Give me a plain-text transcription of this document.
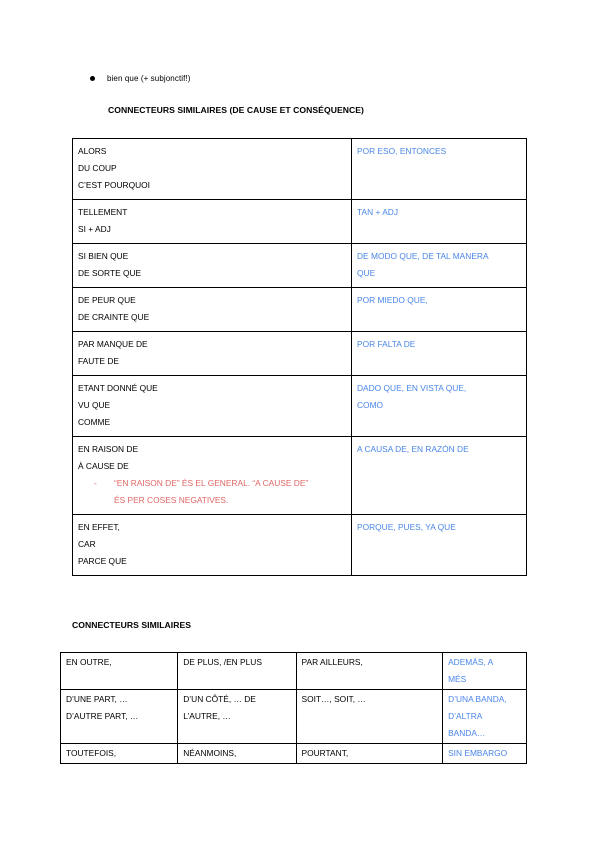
bien que (+ subjonctif!)
CONNECTEURS SIMILAIRES (DE CAUSE ET CONSÉQUENCE)
ALORS
DU COUP
C’EST POURQUOI	POR ESO, ENTONCES

TELLEMENT
SI + ADJ	TAN + ADJ

SI BIEN QUE
DE SORTE QUE	DE MODO QUE, DE TAL MANERA
QUE

DE PEUR QUE
DE CRAINTE QUE	POR MIEDO QUE,

PAR MANQUE DE
FAUTE DE	POR FALTA DE

ETANT DONNÉ QUE
VU QUE
COMME	DADO QUE, EN VISTA QUE,
COMO

EN RAISON DE
À CAUSE DE
- “EN RAISON DE” ÉS EL GENERAL. “A CAUSE DE”
ÉS PER COSES NEGATIVES.	A CAUSA DE, EN RAZÓN DE

EN EFFET,
CAR
PARCE QUE	PORQUE, PUES, YA QUE
CONNECTEURS SIMILAIRES
EN OUTRE,	DE PLUS, /EN PLUS	PAR AILLEURS,	ADEMÁS, A
MÉS

D’UNE PART, …
D’AUTRE PART, …	D’UN CÔTÉ, … DE
L’AUTRE, …	SOIT…, SOIT, …	D’UNA BANDA,
D’ALTRA
BANDA…

TOUTEFOIS,	NÉANMOINS,	POURTANT,	SIN EMBARGO
